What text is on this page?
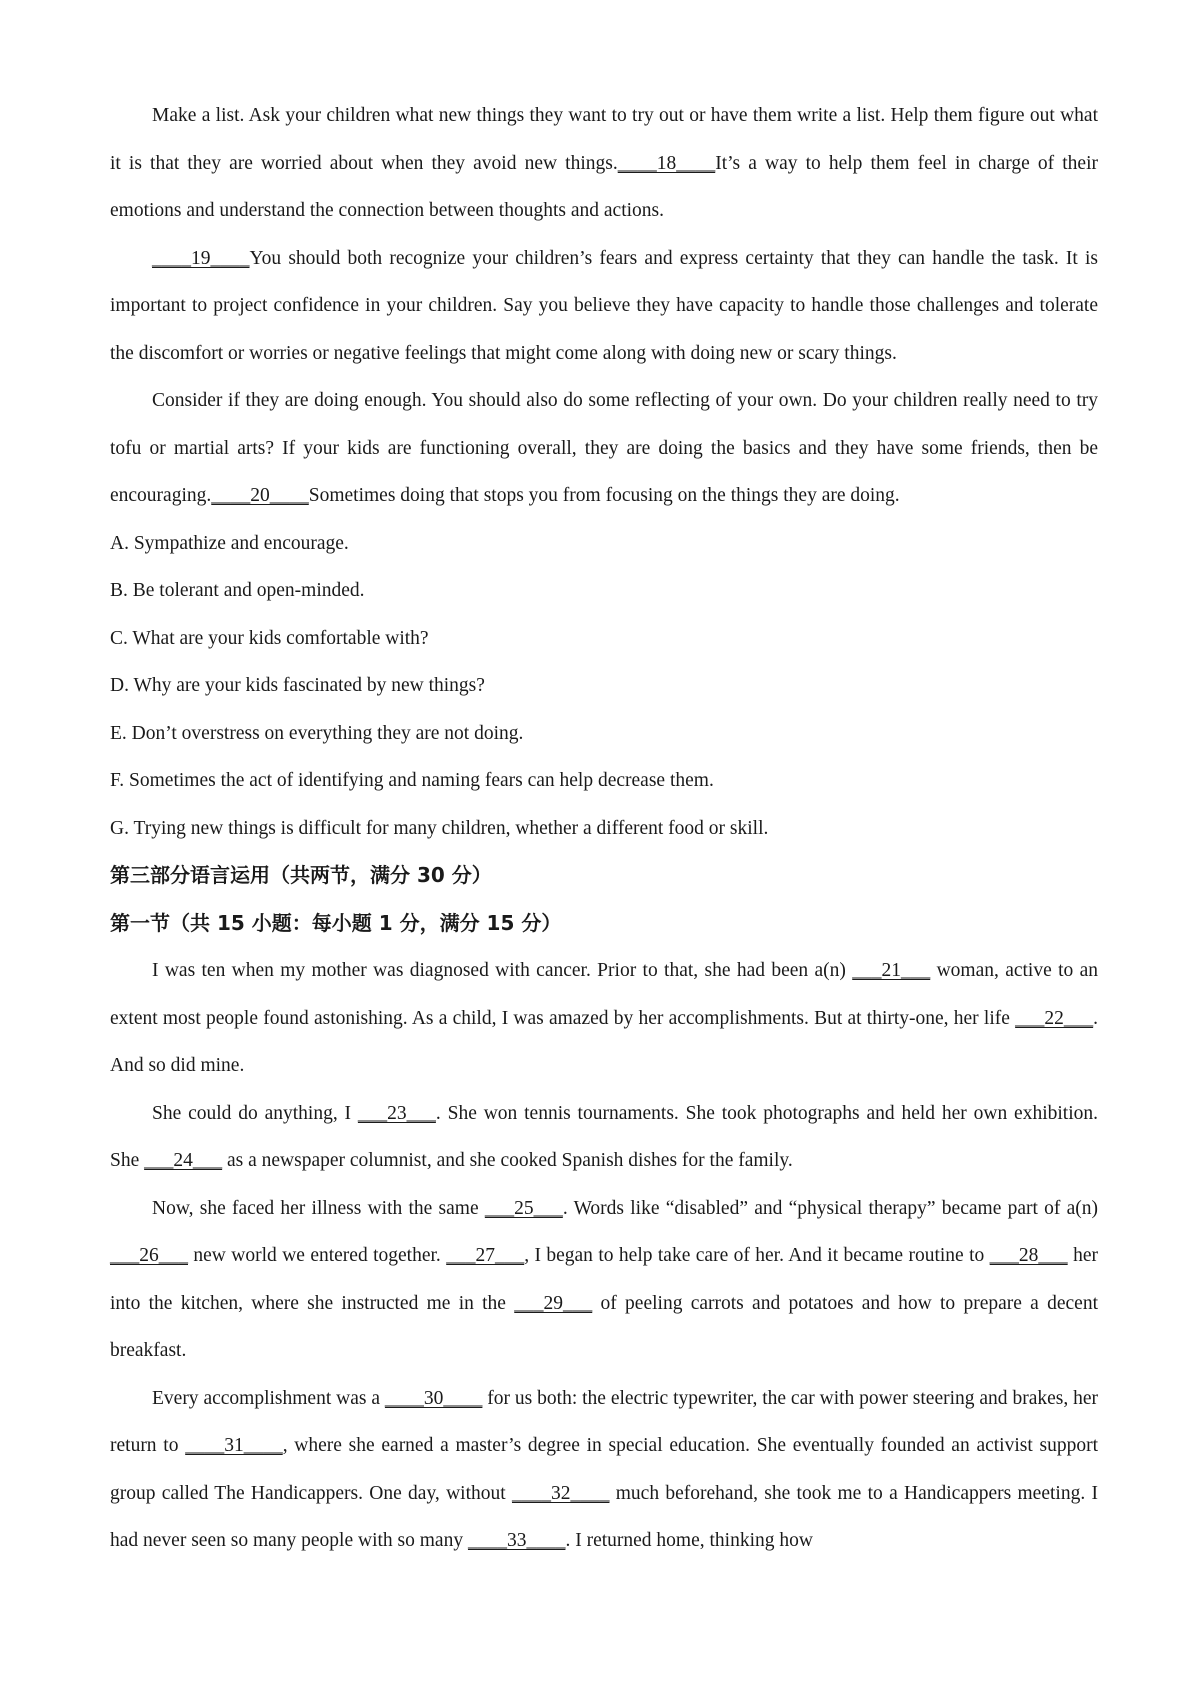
Make a list. Ask your children what new things they want to try out or have them write a list. Help them figure out what it is that they are worried about when they avoid new things.____18____It’s a way to help them feel in charge of their emotions and understand the connection between thoughts and actions.

____19____You should both recognize your children’s fears and express certainty that they can handle the task. It is important to project confidence in your children. Say you believe they have capacity to handle those challenges and tolerate the discomfort or worries or negative feelings that might come along with doing new or scary things.

Consider if they are doing enough. You should also do some reflecting of your own. Do your children really need to try tofu or martial arts? If your kids are functioning overall, they are doing the basics and they have some friends, then be encouraging.____20____Sometimes doing that stops you from focusing on the things they are doing.

A. Sympathize and encourage.

B. Be tolerant and open-minded.

C. What are your kids comfortable with?

D. Why are your kids fascinated by new things?

E. Don’t overstress on everything they are not doing.

F. Sometimes the act of identifying and naming fears can help decrease them.

G. Trying new things is difficult for many children, whether a different food or skill.

第三部分语言运用（共两节，满分 30 分）

第一节（共 15 小题：每小题 1 分，满分 15 分）

I was ten when my mother was diagnosed with cancer. Prior to that, she had been a(n) ___21___ woman, active to an extent most people found astonishing. As a child, I was amazed by her accomplishments. But at thirty-one, her life ___22___. And so did mine.

She could do anything, I ___23___. She won tennis tournaments. She took photographs and held her own exhibition. She ___24___ as a newspaper columnist, and she cooked Spanish dishes for the family.

Now, she faced her illness with the same ___25___. Words like “disabled” and “physical therapy” became part of a(n) ___26___ new world we entered together. ___27___, I began to help take care of her. And it became routine to ___28___ her into the kitchen, where she instructed me in the ___29___ of peeling carrots and potatoes and how to prepare a decent breakfast.

Every accomplishment was a ____30____ for us both: the electric typewriter, the car with power steering and brakes, her return to ____31____, where she earned a master’s degree in special education. She eventually founded an activist support group called The Handicappers. One day, without ____32____ much beforehand, she took me to a Handicappers meeting. I had never seen so many people with so many ____33____. I returned home, thinking how
